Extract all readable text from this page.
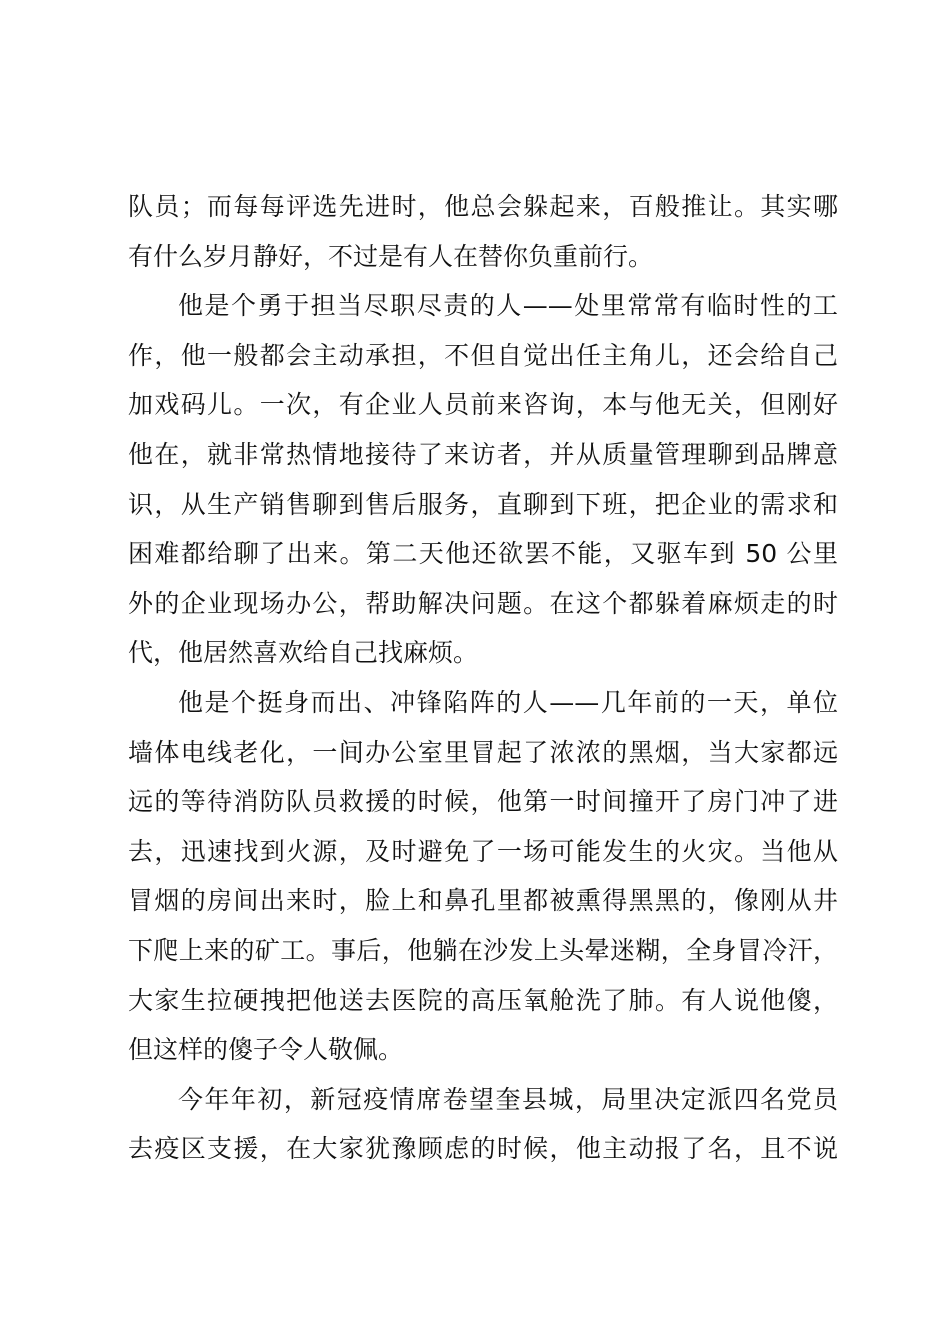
队员；而每每评选先进时，他总会躲起来，百般推让。其实哪
有什么岁月静好，不过是有人在替你负重前行。
他是个勇于担当尽职尽责的人——处里常常有临时性的工
作，他一般都会主动承担，不但自觉出任主角儿，还会给自己
加戏码儿。一次，有企业人员前来咨询，本与他无关，但刚好
他在，就非常热情地接待了来访者，并从质量管理聊到品牌意
识，从生产销售聊到售后服务，直聊到下班，把企业的需求和
困难都给聊了出来。第二天他还欲罢不能，又驱车到 50 公里
外的企业现场办公，帮助解决问题。在这个都躲着麻烦走的时
代，他居然喜欢给自己找麻烦。
他是个挺身而出、冲锋陷阵的人——几年前的一天，单位
墙体电线老化，一间办公室里冒起了浓浓的黑烟，当大家都远
远的等待消防队员救援的时候，他第一时间撞开了房门冲了进
去，迅速找到火源，及时避免了一场可能发生的火灾。当他从
冒烟的房间出来时，脸上和鼻孔里都被熏得黑黑的，像刚从井
下爬上来的矿工。事后，他躺在沙发上头晕迷糊，全身冒冷汗，
大家生拉硬拽把他送去医院的高压氧舱洗了肺。有人说他傻，
但这样的傻子令人敬佩。
今年年初，新冠疫情席卷望奎县城，局里决定派四名党员
去疫区支援，在大家犹豫顾虑的时候，他主动报了名，且不说
